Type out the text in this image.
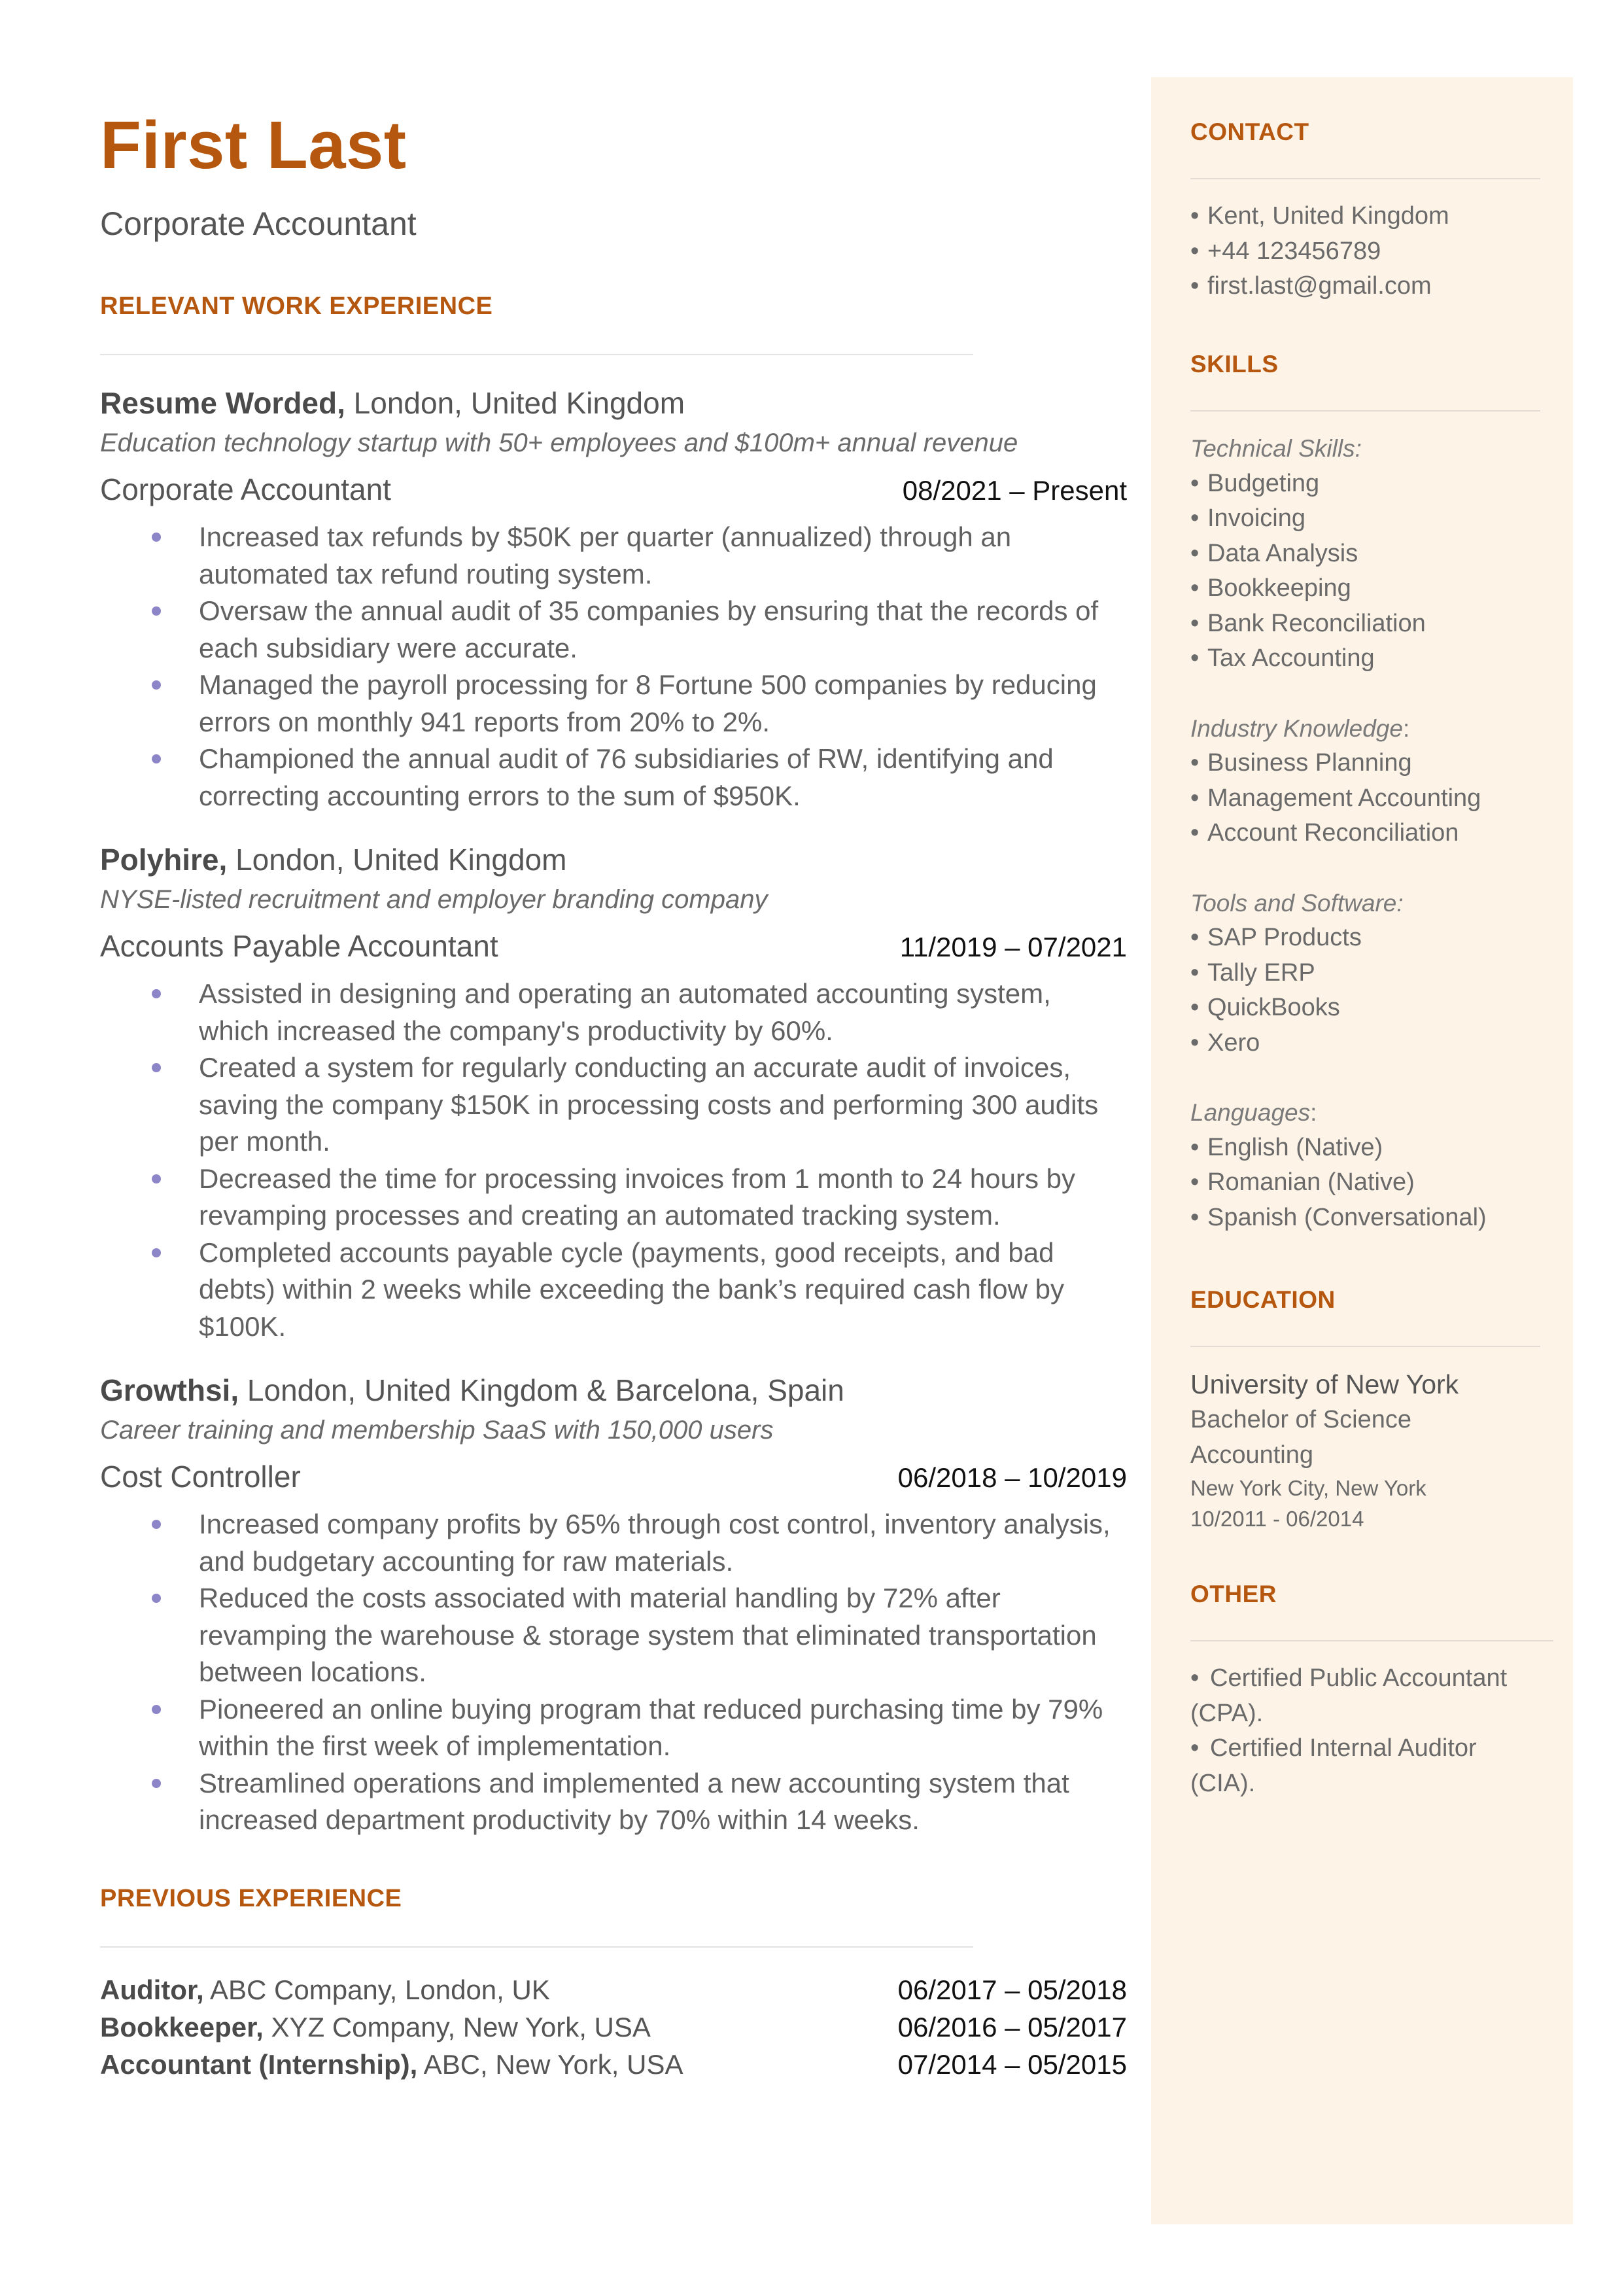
First Last
Corporate Accountant
RELEVANT WORK EXPERIENCE
Resume Worded, London, United Kingdom
Education technology startup with 50+ employees and $100m+ annual revenue
Corporate Accountant	08/2021 – Present
Increased tax refunds by $50K per quarter (annualized) through an automated tax refund routing system.
Oversaw the annual audit of 35 companies by ensuring that the records of each subsidiary were accurate.
Managed the payroll processing for 8 Fortune 500 companies by reducing errors on monthly 941 reports from 20% to 2%.
Championed the annual audit of 76 subsidiaries of RW, identifying and correcting accounting errors to the sum of $950K.
Polyhire, London, United Kingdom
NYSE-listed recruitment and employer branding company
Accounts Payable Accountant	11/2019 – 07/2021
Assisted in designing and operating an automated accounting system, which increased the company's productivity by 60%.
Created a system for regularly conducting an accurate audit of invoices, saving the company $150K in processing costs and performing 300 audits per month.
Decreased the time for processing invoices from 1 month to 24 hours by revamping processes and creating an automated tracking system.
Completed accounts payable cycle (payments, good receipts, and bad debts) within 2 weeks while exceeding the bank’s required cash flow by $100K.
Growthsi, London, United Kingdom & Barcelona, Spain
Career training and membership SaaS with 150,000 users
Cost Controller	06/2018 – 10/2019
Increased company profits by 65% through cost control, inventory analysis, and budgetary accounting for raw materials.
Reduced the costs associated with material handling by 72% after revamping the warehouse & storage system that eliminated transportation between locations.
Pioneered an online buying program that reduced purchasing time by 79% within the first week of implementation.
Streamlined operations and implemented a new accounting system that increased department productivity by 70% within 14 weeks.
PREVIOUS EXPERIENCE
Auditor, ABC Company, London, UK	06/2017 – 05/2018
Bookkeeper, XYZ Company, New York, USA	06/2016 – 05/2017
Accountant (Internship), ABC, New York, USA	07/2014 – 05/2015
CONTACT
• Kent, United Kingdom
• +44 123456789
• first.last@gmail.com
SKILLS
Technical Skills:
• Budgeting
• Invoicing
• Data Analysis
• Bookkeeping
• Bank Reconciliation
• Tax Accounting
Industry Knowledge:
• Business Planning
• Management Accounting
• Account Reconciliation
Tools and Software:
• SAP Products
• Tally ERP
• QuickBooks
• Xero
Languages:
• English (Native)
• Romanian (Native)
• Spanish (Conversational)
EDUCATION
University of New York
Bachelor of Science
Accounting
New York City, New York
10/2011 - 06/2014
OTHER
• Certified Public Accountant (CPA).
• Certified Internal Auditor (CIA).
